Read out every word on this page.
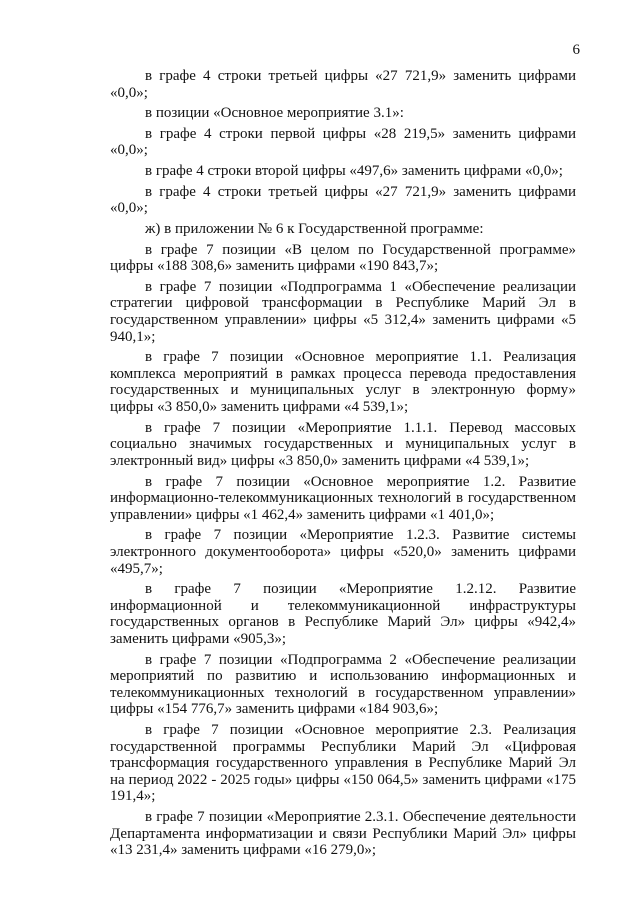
6

в графе 4 строки третьей цифры «27 721,9» заменить цифрами «0,0»;

в позиции «Основное мероприятие 3.1»:

в графе 4 строки первой цифры «28 219,5» заменить цифрами «0,0»;

в графе 4 строки второй цифры «497,6» заменить цифрами «0,0»;

в графе 4 строки третьей цифры «27 721,9» заменить цифрами «0,0»;

ж) в приложении № 6 к Государственной программе:

в графе 7 позиции «В целом по Государственной программе» цифры «188 308,6» заменить цифрами «190 843,7»;

в графе 7 позиции «Подпрограмма 1 «Обеспечение реализации стратегии цифровой трансформации в Республике Марий Эл в государственном управлении» цифры «5 312,4» заменить цифрами «5 940,1»;

в графе 7 позиции «Основное мероприятие 1.1. Реализация комплекса мероприятий в рамках процесса перевода предоставления государственных и муниципальных услуг в электронную форму» цифры «3 850,0» заменить цифрами «4 539,1»;

в графе 7 позиции «Мероприятие 1.1.1. Перевод массовых социально значимых государственных и муниципальных услуг в электронный вид» цифры «3 850,0» заменить цифрами «4 539,1»;

в графе 7 позиции «Основное мероприятие 1.2. Развитие информационно-телекоммуникационных технологий в государственном управлении» цифры «1 462,4» заменить цифрами «1 401,0»;

в графе 7 позиции «Мероприятие 1.2.3. Развитие системы электронного документооборота» цифры «520,0» заменить цифрами «495,7»;

в графе 7 позиции «Мероприятие 1.2.12. Развитие информационной и телекоммуникационной инфраструктуры государственных органов в Республике Марий Эл» цифры «942,4» заменить цифрами «905,3»;

в графе 7 позиции «Подпрограмма 2 «Обеспечение реализации мероприятий по развитию и использованию информационных и телекоммуникационных технологий в государственном управлении» цифры «154 776,7» заменить цифрами «184 903,6»;

в графе 7 позиции «Основное мероприятие 2.3. Реализация государственной программы Республики Марий Эл «Цифровая трансформация государственного управления в Республике Марий Эл на период 2022 - 2025 годы» цифры «150 064,5» заменить цифрами «175 191,4»;

в графе 7 позиции «Мероприятие 2.3.1. Обеспечение деятельности Департамента информатизации и связи Республики Марий Эл» цифры «13 231,4» заменить цифрами «16 279,0»;
